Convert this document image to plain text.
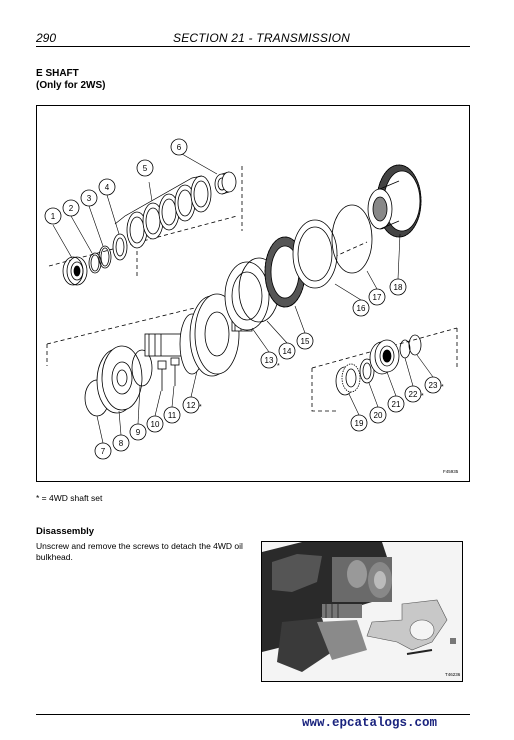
290	SECTION 21 - TRANSMISSION
E SHAFT
(Only for 2WS)
1
2
3
4
5
6
7
8
9
10
11
12
13
14
15
16
17
18
19
20
21
22
23
*
*
*
*
F45935
* = 4WD shaft set
Disassembly
Unscrew and remove the screws to detach the 4WD oil bulkhead.
T46236
www.epcatalogs.com
